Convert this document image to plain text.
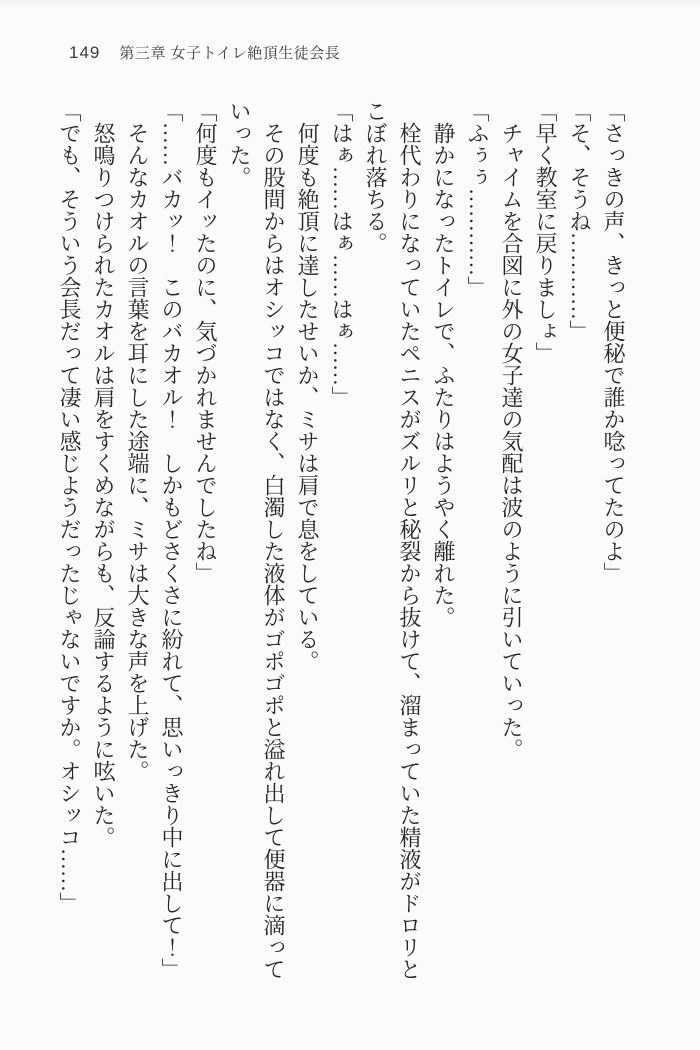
149 第三章 女子トイレ絶頂生徒会長

「さっきの声、きっと便秘で誰か唸ってたのよ」

「そ、そうね…………」

「早く教室に戻りましょ」

チャイムを合図に外の女子達の気配は波のように引いていった。

「ふぅぅ…………」

静かになったトイレで、ふたりはようやく離れた。

栓代わりになっていたペニスがズルリと秘裂から抜けて、溜まっていた精液がドロリとこぼれ落ちる。

「はぁ……はぁ……はぁ……」

何度も絶頂に達したせいか、ミサは肩で息をしている。

その股間からはオシッコではなく、白濁した液体がゴポゴポと溢れ出して便器に滴っていった。

「何度もイッたのに、気づかれませんでしたね」

「……バカッ！　このバカオル！　しかもどさくさに紛れて、思いっきり中に出して！」

そんなカオルの言葉を耳にした途端に、ミサは大きな声を上げた。

怒鳴りつけられたカオルは肩をすくめながらも、反論するように呟いた。

「でも、そういう会長だって凄い感じようだったじゃないですか。オシッコ……」
